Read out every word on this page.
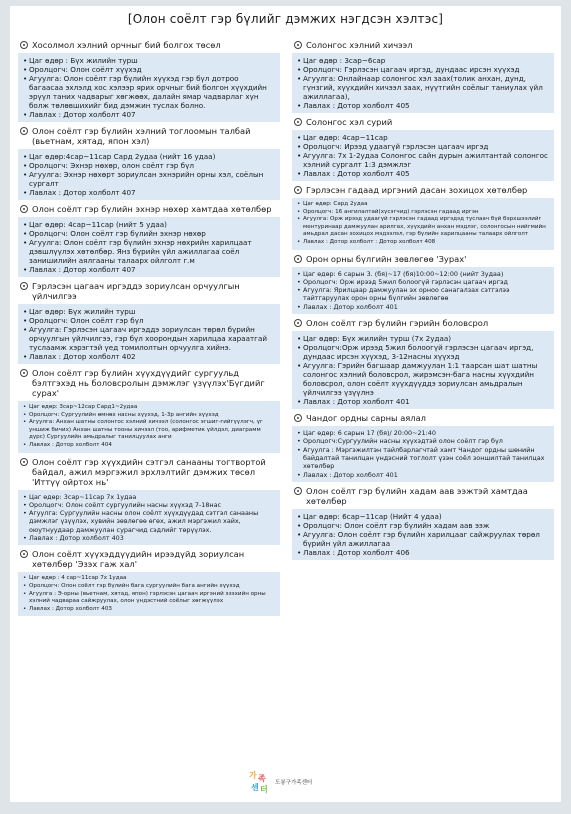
[Олон соёлт гэр бүлийг дэмжих нэгдсэн хэлтэс]
Хосолмол хэлний орчныг бий болгох төсөл
• Цаг өдөр : Бүх жилийн турш
• Оролцогч: Олон соёлт хүүхэд
• Агуулга: Олон соёлт гэр бүлийн хүүхэд гэр бүл дотроо багаасаа эхлэлд хос хэлээр ярих орчныг бий болгон хүүхдийн эрүүл таних чадварыг хөгжөөх, далайн ямар чадварлаг хүн болж төлөвшихийг бид дэмжин туслах болно.
• Лавлах : Дотор холболт 407
Олон соёлт гэр бүлийн хэлний тоглоомын талбай (вьетнам, хятад, япон хэл)
• Цаг өдөр:4сар~11сар Сард 2удаа (нийт 16 удаа)
• Оролцогч: Эхнэр нөхөр, олон соёлт гэр бүл
• Агуулга: Эхнэр нөхөрт зориулсан эхнэрийн орны хэл, соёлын сургалт
• Лавлах : Дотор холболт 407
Олон соёлт гэр бүлийн эхнэр нөхөр хамтдаа хөтөлбөр
• Цаг өдөр: 4сар~11сар (нийт 5 удаа)
• Оролцогч: Олон соёлт гэр бүлийн эхнэр нөхөр
• Агуулга: Олон соёлт гэр бүлийн эхнэр нөхрийн харилцаат дэвшлүүлэх хөтөлбөр. Янз бүрийн үйл ажиллагаа соёл занишилийн аялгааны талаарх ойлголт г.м
• Лавлах : Дотор холболт 407
Гэрлэсэн цагаач иргэддэ зориулсан орчуулгын үйлчилгээ
• Цаг өдөр: Бүх жилийн турш
• Оролцогч: Олон соёлт гэр бүл
• Агуулга: Гэрлэсэн цагаач иргэддэ зориулсан төрөл бүрийн орчуулгын үйлчилгээ, гэр бүл хоорондын харилцаа хараатгай туслаамж хэрэгтэй үед томилолтын орчуулга хийнэ.
• Лавлах : Дотор холболт 402
Олон соёлт гэр бүлийн хүүхдүүдийг сургуульд бэлтгэхэд нь боловсролын дэмжлэг үзүүлэх'Бүгдийг сурах'
• Цаг өдөр: 3сар~12сар Сард1~2удаа
• Оролцогч: Сургуулийн өмнөх насны хүүхэд, 1-3р ангийн хүүхэд
• Агуулга: Анхан шатны солонгос хэлний хичээл (солонгос эгшиг-гийгүүлэгч, үг уншиж бичих) Анхан шатны тооны хичээл (тоо, арифметик үйлдэл, диаграмм дүрс) Сургуулийн амьдралыг танилцуулах анги
• Лавлах : Дотор холболт 404
Олон соёлт гэр хүүхдийн сэтгэл санааны тогтвортой байдал, ажил мэргэжил эрхлэлтийг дэмжих төсөл 'Иттүү ойртох нь'
• Цаг өдөр: 3сар~11сар 7х 1удаа
• Оролцогч: Олон соёлт сургуулийн насны хүүхэд 7-18нас
• Агуулга: Сургуулийн насны олон соёлт хүүхдүүдад сэтгэл санааны дэмжлэг үзүүлэх, хувийн зөвлөгөө өгөх, ажил мэргэжил хайх, оюутнуудаар дамжуулан сурагчид сэдлийг төрүүлэх.
• Лавлах : Дотор холболт 403
Олон соёлт хүүхэддүүдийн ирээдүйд зориулсан хөтөлбөр 'Эзэх гаж хал'
• Цаг өдөр : 4 сар~11сар 7х 1удаа
• Оролцогч: Олон соёлт гэр бүлийн бага сургуулийн бага ангийн хүүхэд
• Агуулга : Э-орны (вьетнам, хятад, япон) гэрлэсэн цагаач иргэний эзэхийн орны хэлний чадвараа сайжруулах, олон үндэстний соёлыг хөгжүүлэх
• Лавлах : Дотор холболт 403
Солонгос хэлний хичээл
• Цаг өдөр : 3сар~6сар
• Оролцогч: Гэрлэсэн цагаач иргэд, дундаас ирсэн хүүхэд
• Агуулга: Онлайнаар солонгос хэл заах(толик анхан, дунд, гүнзгий, хүүхдийн хичээл заах, нүүтгийн соёлыг таниулах үйл ажиллагаа),
• Лавлах : Дотор холболт 405
Солонгос хэл сурий
• Цаг өдөр: 4сар~11сар
• Оролцогч: Ирээд удаагүй гэрлэсэн цагаач иргэд
• Агуулга: 7х 1-2удаа Солонгос сайн дурын ажилтантай солонгос хэлний сургалт 1:3 дэмжлэг
• Лавлах : Дотор холболт 405
Гэрлэсэн гадаад иргэний дасан зохицох хөтөлбөр
• Цаг өдөр: Сард 2удаа
• Оролцогч: 16 ангилалтай(хүсэгчид) гэрлэсэн гадаад иргэн
• Агуулга: Орж ирээд удаагүй гэрлэсэн гадаад иргэдэд туслаач бүй бэрхшээлийг ментуринаар дамжуулан арилгах, хүүхдийн анхан мэдлэг, солонгосын нийгмийн амьдрал дасан зохицох мэдээлэл, гэр бүлийн харилцааны талаарх ойлголт
• Лавлах : Дотор холболт : Дотор холболт 408
Орон орны бүлгийн зөвлөгөө 'Зурах'
• Цаг өдөр: 6 сарын 3. (бя)~17 (бя)10:00~12:00 (нийт 3удаа)
• Оролцогч: Орж ирээд 5жил болоогүй гэрлэсэн цагаач иргэд
• Агуулга: Ярилцаар дамжуулан эх орноо санагалзах сэтгэлээ тайтгаруулах орон орны бүлгийн зөвлөгөө
• Лавлах : Дотор холболт 401
Олон соёлт гэр бүлийн гэрийн боловсрол
• Цаг өдөр: Бүх жилийн турш (7х 2удаа)
• Оролцогч:Орж ирээд 5жил болоогүй гэрлэсэн цагаач иргэд, дундаас ирсэн хүүхэд, 3-12насны хүүхэд
• Агуулга: Гэрийн багшаар дамжуулан 1:1 таарсан шат шатны солонгос хэлний боловсрол, жирэмсэн-бага насны хүүхдийн боловсрол, олон соёлт хүүхдүүддэ зориулсан амьдралын үйлчилгээ үзүүлнэ
• Лавлах : Дотор холболт 401
Чандог ордны сарны аялал
• Цаг өдөр: 6 сарын 17 (бя)/ 20:00~21:40
• Оролцогч:Сургуулийн насны хүүхэдтэй олон соёлт гэр бүл
• Агуулга : Мэргэжилтэн тайлбарлагчтай хамт Чандог ордны шөнийн байдалтай танилцан үндэсний тоглолт үзэн соёл зоншилтай танилцах хөтөлбөр
• Лавлах : Дотор холболт 401
Олон соёлт гэр бүлийн хадам аав ээжтэй хамтдаа хөтөлбөр
• Цаг өдөр: 6сар~11сар (Нийт 4 удаа)
• Оролцогч: Олон соёлт гэр бүлийн хадам аав ээж
• Агуулга: Олон соёлт гэр бүлийн харилцааг сайжруулах төрөл бүрийн үйл ажиллагаа
• Лавлах : Дотор холболт 406
가 족
센 터
도봉구가족센터
